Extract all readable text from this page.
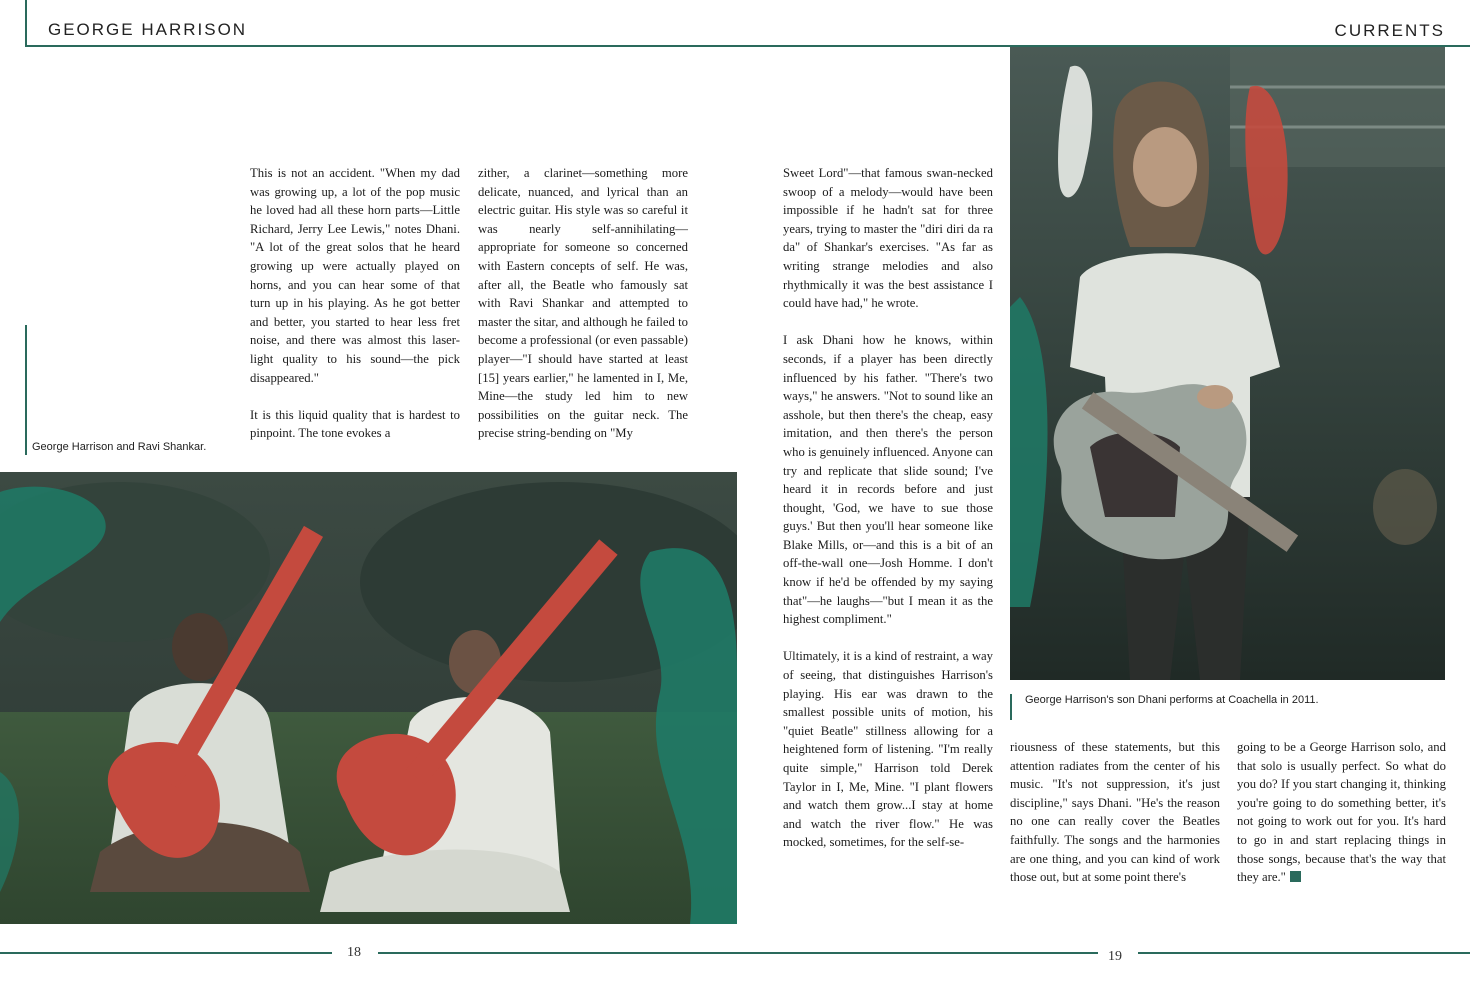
GEORGE HARRISON	CURRENTS
George Harrison and Ravi Shankar.

This is not an accident. "When my dad was growing up, a lot of the pop music he loved had all these horn parts—Little Richard, Jerry Lee Lewis," notes Dhani. "A lot of the great solos that he heard growing up were actually played on horns, and you can hear some of that turn up in his playing. As he got better and better, you started to hear less fret noise, and there was almost this laser-light quality to his sound—the pick disappeared."

It is this liquid quality that is hardest to pinpoint. The tone evokes a

zither, a clarinet—something more delicate, nuanced, and lyrical than an electric guitar. His style was so careful it was nearly self-annihilating—appropriate for someone so concerned with Eastern concepts of self. He was, after all, the Beatle who famously sat with Ravi Shankar and attempted to master the sitar, and although he failed to become a professional (or even passable) player—"I should have started at least [15] years earlier," he lamented in I, Me, Mine—the study led him to new possibilities on the guitar neck. The precise string-bending on "My

Sweet Lord"—that famous swan-necked swoop of a melody—would have been impossible if he hadn't sat for three years, trying to master the "diri diri da ra da" of Shankar's exercises. "As far as writing strange melodies and also rhythmically it was the best assistance I could have had," he wrote.

I ask Dhani how he knows, within seconds, if a player has been directly influenced by his father. "There's two ways," he answers. "Not to sound like an asshole, but then there's the cheap, easy imitation, and then there's the person who is genuinely influenced. Anyone can try and replicate that slide sound; I've heard it in records before and just thought, 'God, we have to sue those guys.' But then you'll hear someone like Blake Mills, or—and this is a bit of an off-the-wall one—Josh Homme. I don't know if he'd be offended by my saying that"—he laughs—"but I mean it as the highest compliment."

Ultimately, it is a kind of restraint, a way of seeing, that distinguishes Harrison's playing. His ear was drawn to the smallest possible units of motion, his "quiet Beatle" stillness allowing for a heightened form of listening. "I'm really quite simple," Harrison told Derek Taylor in I, Me, Mine. "I plant flowers and watch them grow...I stay at home and watch the river flow." He was mocked, sometimes, for the self-se-

riousness of these statements, but this attention radiates from the center of his music. "It's not suppression, it's just discipline," says Dhani. "He's the reason no one can really cover the Beatles faithfully. The songs and the harmonies are one thing, and you can kind of work those out, but at some point there's

going to be a George Harrison solo, and that solo is usually perfect. So what do you do? If you start changing it, thinking you're going to do something better, it's not going to work out for you. It's hard to go in and start replacing things in those songs, because that's the way that they are."

George Harrison's son Dhani performs at Coachella in 2011.
18	19
